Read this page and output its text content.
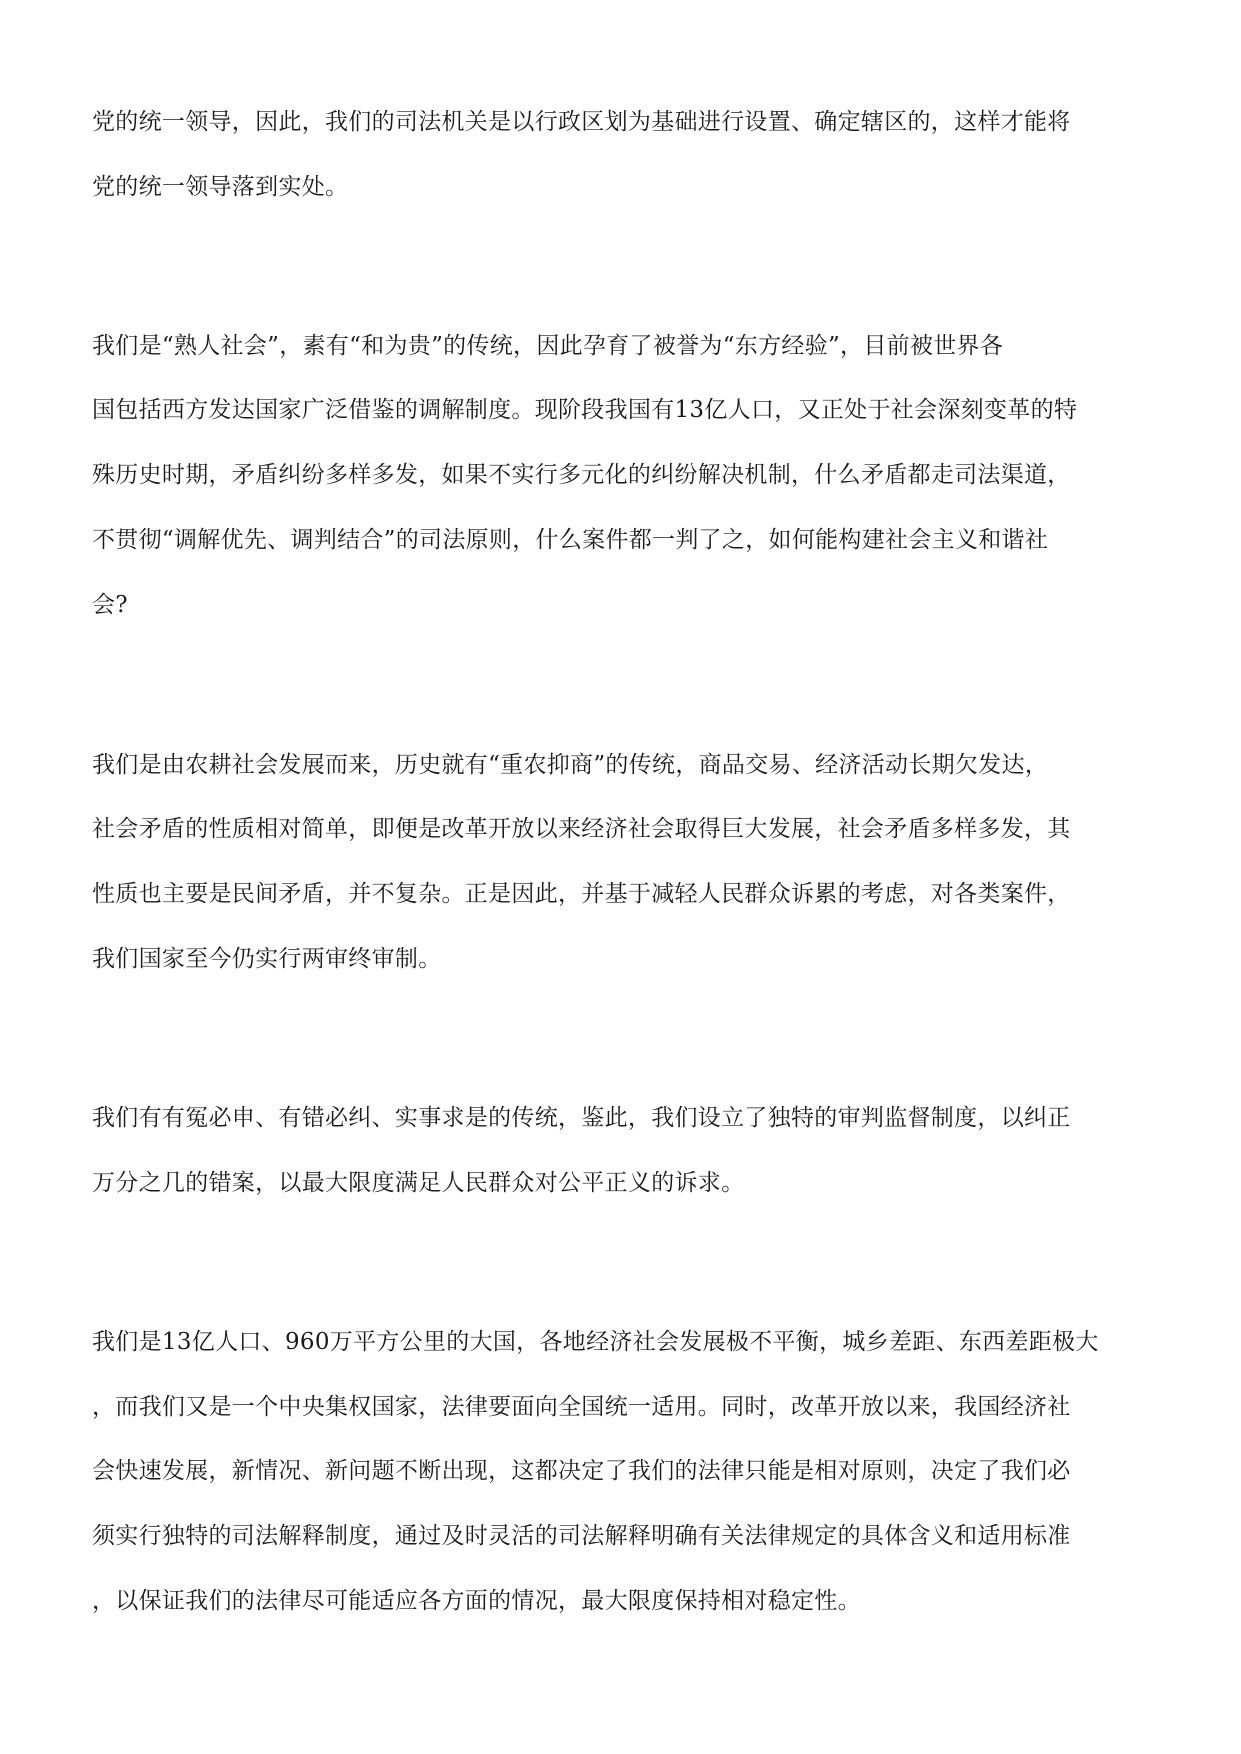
党的统一领导，因此，我们的司法机关是以行政区划为基础进行设置、确定辖区的，这样才能将

党的统一领导落到实处。

我们是“熟人社会”，素有“和为贵”的传统，因此孕育了被誉为“东方经验”，目前被世界各

国包括西方发达国家广泛借鉴的调解制度。现阶段我国有13亿人口，又正处于社会深刻变革的特

殊历史时期，矛盾纠纷多样多发，如果不实行多元化的纠纷解决机制，什么矛盾都走司法渠道，

不贯彻“调解优先、调判结合”的司法原则，什么案件都一判了之，如何能构建社会主义和谐社

会?

我们是由农耕社会发展而来，历史就有“重农抑商”的传统，商品交易、经济活动长期欠发达，

社会矛盾的性质相对简单，即便是改革开放以来经济社会取得巨大发展，社会矛盾多样多发，其

性质也主要是民间矛盾，并不复杂。正是因此，并基于减轻人民群众诉累的考虑，对各类案件，

我们国家至今仍实行两审终审制。

我们有有冤必申、有错必纠、实事求是的传统，鉴此，我们设立了独特的审判监督制度，以纠正

万分之几的错案，以最大限度满足人民群众对公平正义的诉求。

我们是13亿人口、960万平方公里的大国，各地经济社会发展极不平衡，城乡差距、东西差距极大

，而我们又是一个中央集权国家，法律要面向全国统一适用。同时，改革开放以来，我国经济社

会快速发展，新情况、新问题不断出现，这都决定了我们的法律只能是相对原则，决定了我们必

须实行独特的司法解释制度，通过及时灵活的司法解释明确有关法律规定的具体含义和适用标准

，以保证我们的法律尽可能适应各方面的情况，最大限度保持相对稳定性。
